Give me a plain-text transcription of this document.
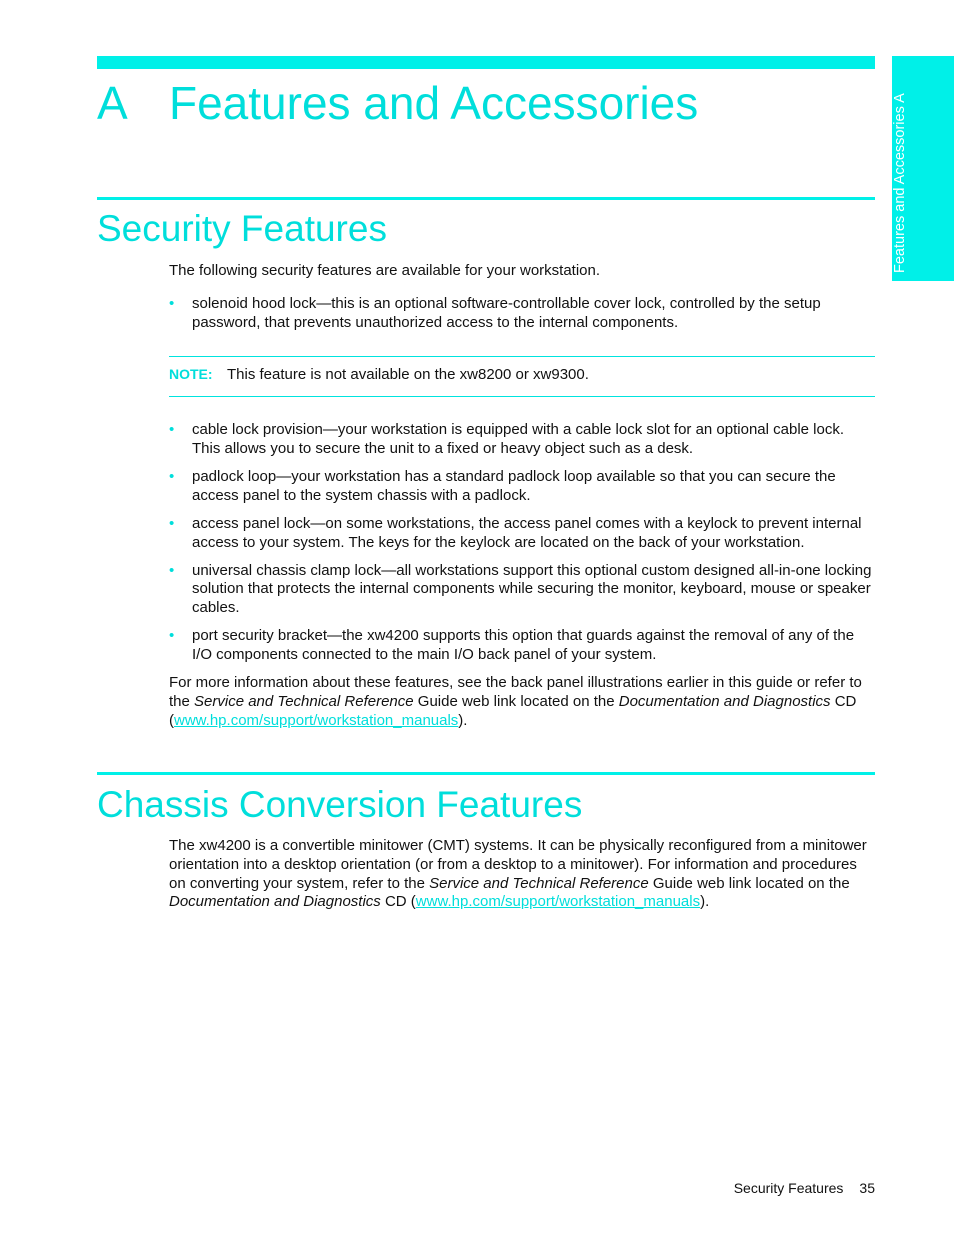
A Features and Accessories	Features and Accessories A
Security Features

The following security features are available for your workstation.

• solenoid hood lock—this is an optional software-controllable cover lock, controlled by the setup password, that prevents unauthorized access to the internal components.
NOTE: This feature is not available on the xw8200 or xw9300.
• cable lock provision—your workstation is equipped with a cable lock slot for an optional cable lock. This allows you to secure the unit to a fixed or heavy object such as a desk.
• padlock loop—your workstation has a standard padlock loop available so that you can secure the access panel to the system chassis with a padlock.
• access panel lock—on some workstations, the access panel comes with a keylock to prevent internal access to your system. The keys for the keylock are located on the back of your workstation.
• universal chassis clamp lock—all workstations support this optional custom designed all-in-one locking solution that protects the internal components while securing the monitor, keyboard, mouse or speaker cables.
• port security bracket—the xw4200 supports this option that guards against the removal of any of the I/O components connected to the main I/O back panel of your system.

For more information about these features, see the back panel illustrations earlier in this guide or refer to the Service and Technical Reference Guide web link located on the Documentation and Diagnostics CD (www.hp.com/support/workstation_manuals).

Chassis Conversion Features

The xw4200 is a convertible minitower (CMT) systems. It can be physically reconfigured from a minitower orientation into a desktop orientation (or from a desktop to a minitower). For information and procedures on converting your system, refer to the Service and Technical Reference Guide web link located on the
Documentation and Diagnostics CD (www.hp.com/support/workstation_manuals).

Security Features 35
